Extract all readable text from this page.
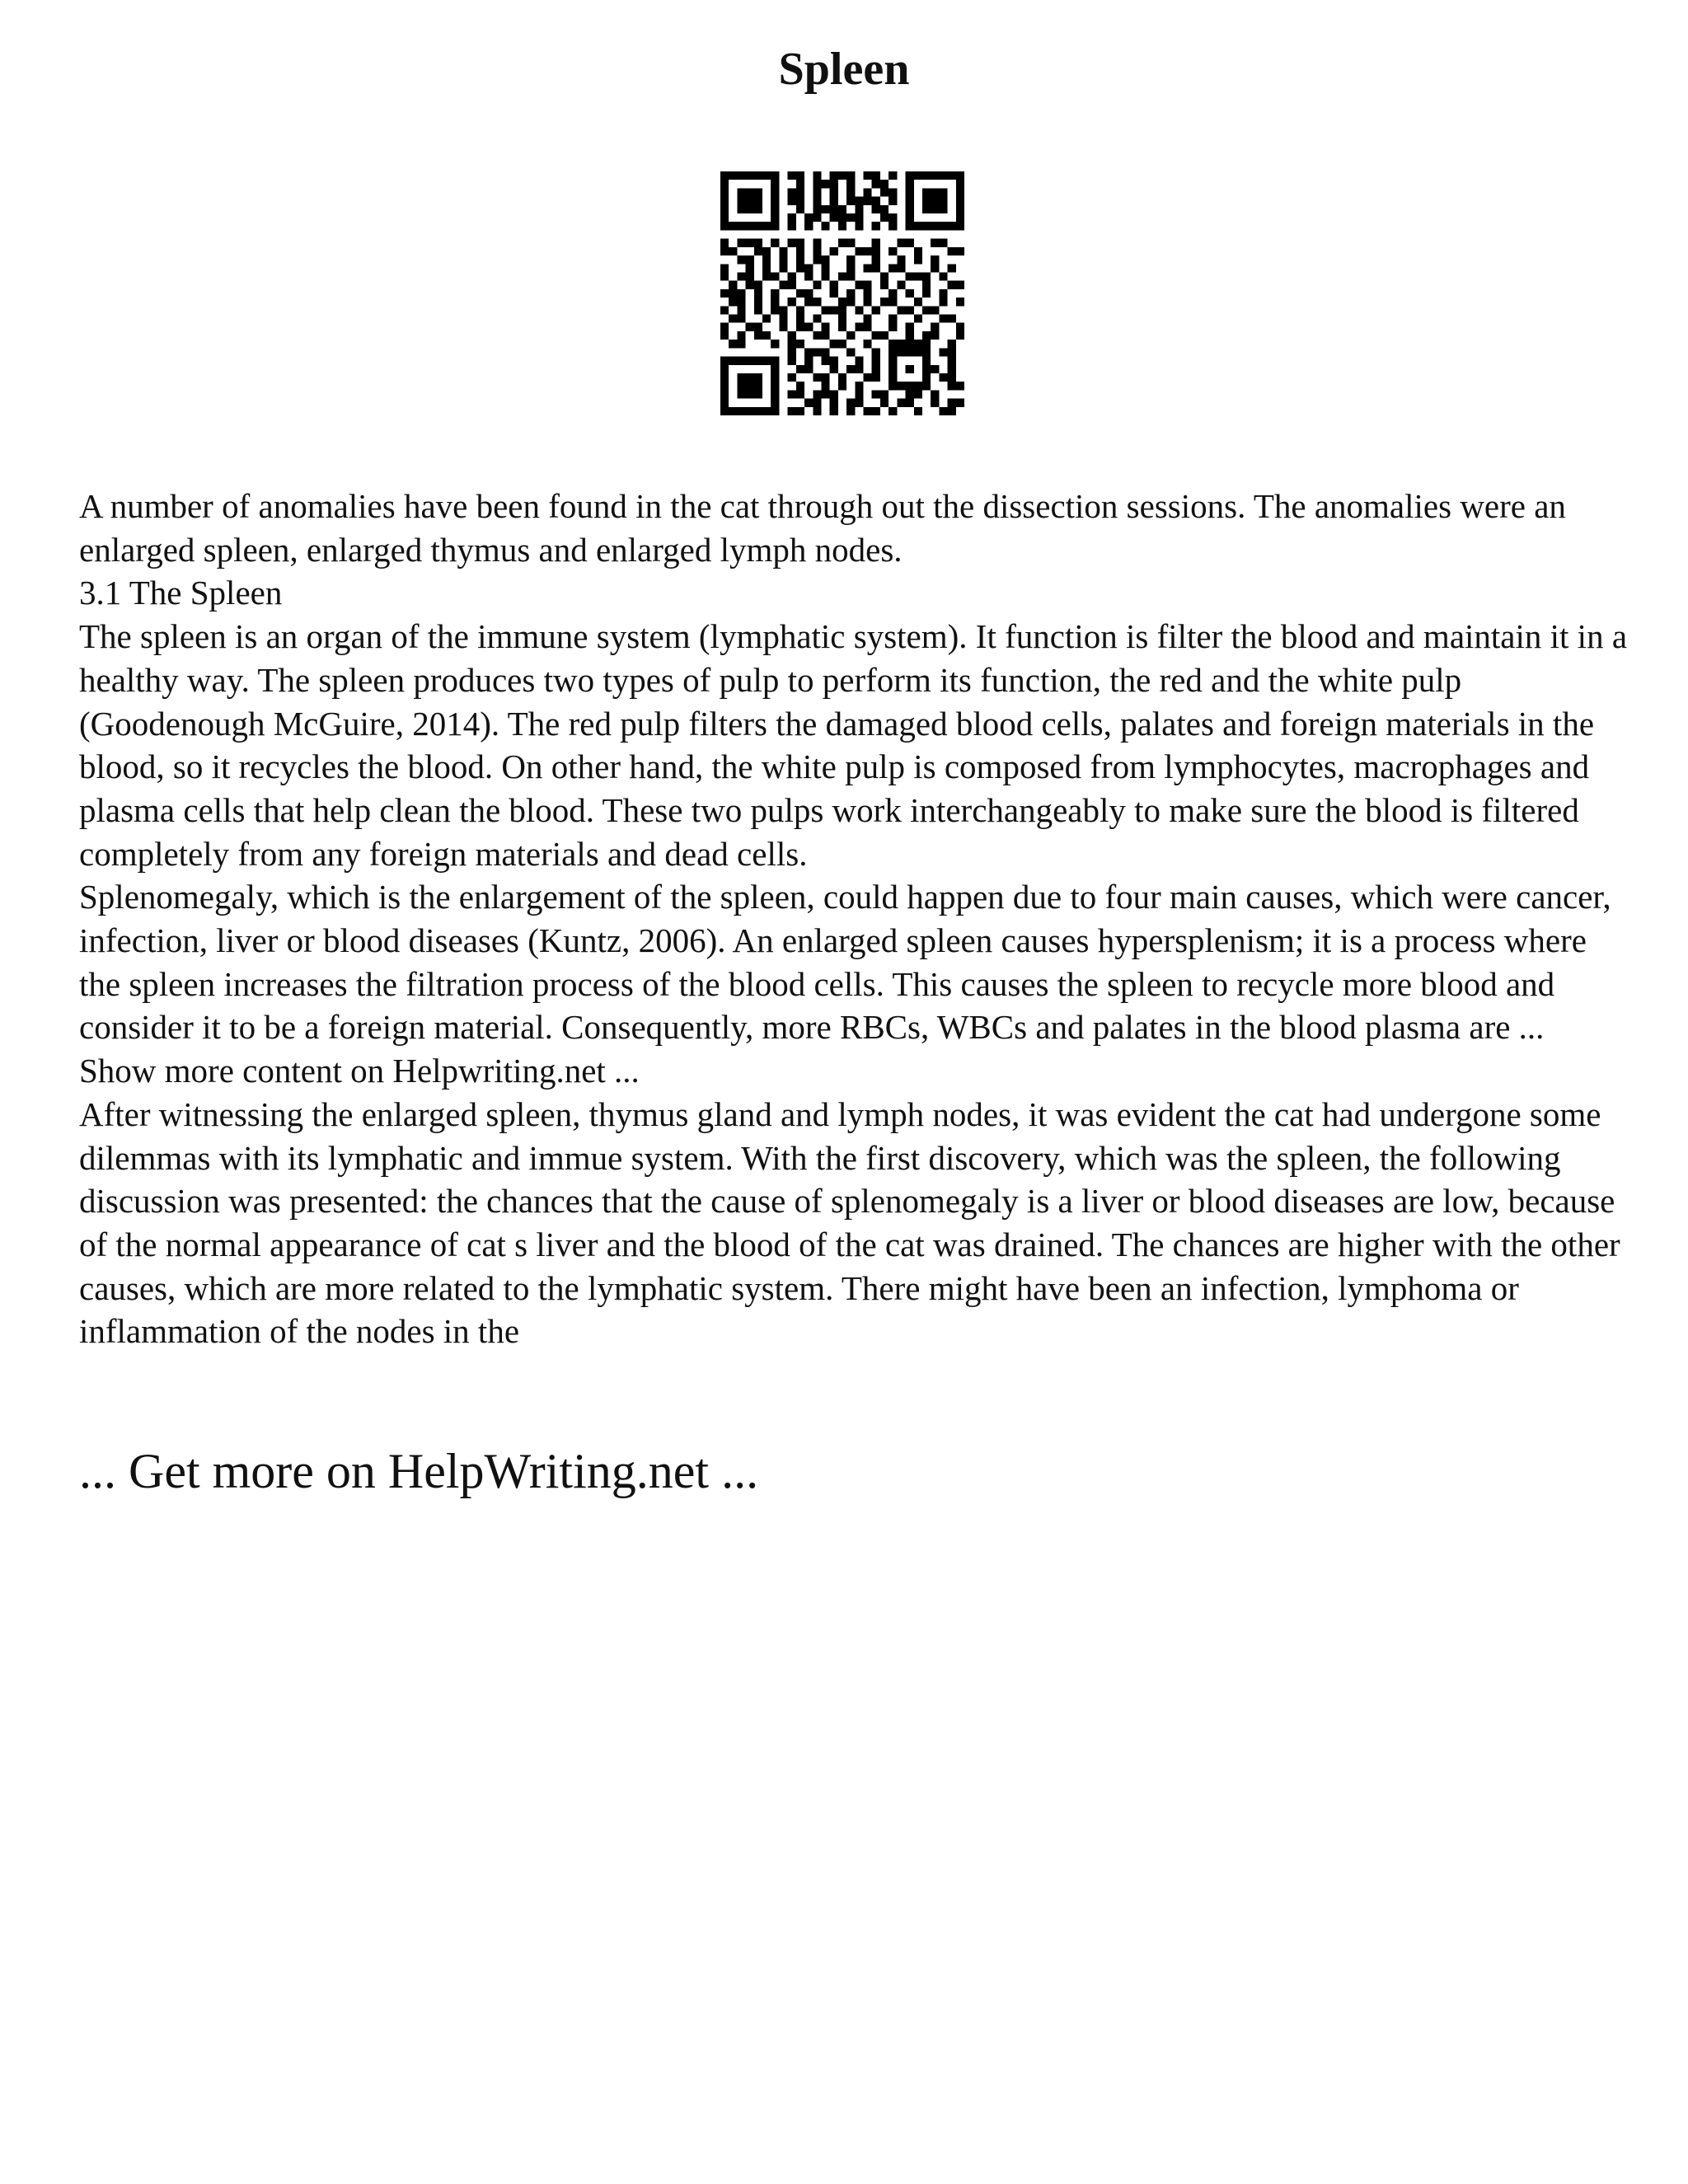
Spleen

A number of anomalies have been found in the cat through out the dissection sessions. The anomalies were an enlarged spleen, enlarged thymus and enlarged lymph nodes.

3.1 The Spleen

The spleen is an organ of the immune system (lymphatic system). It function is filter the blood and maintain it in a healthy way. The spleen produces two types of pulp to perform its function, the red and the white pulp (Goodenough McGuire, 2014). The red pulp filters the damaged blood cells, palates and foreign materials in the blood, so it recycles the blood. On other hand, the white pulp is composed from lymphocytes, macrophages and plasma cells that help clean the blood. These two pulps work interchangeably to make sure the blood is filtered completely from any foreign materials and dead cells.

Splenomegaly, which is the enlargement of the spleen, could happen due to four main causes, which were cancer, infection, liver or blood diseases (Kuntz, 2006). An enlarged spleen causes hypersplenism; it is a process where the spleen increases the filtration process of the blood cells. This causes the spleen to recycle more blood and consider it to be a foreign material. Consequently, more RBCs, WBCs and palates in the blood plasma are ... Show more content on Helpwriting.net ...

After witnessing the enlarged spleen, thymus gland and lymph nodes, it was evident the cat had undergone some dilemmas with its lymphatic and immue system. With the first discovery, which was the spleen, the following discussion was presented: the chances that the cause of splenomegaly is a liver or blood diseases are low, because of the normal appearance of cat s liver and the blood of the cat was drained. The chances are higher with the other causes, which are more related to the lymphatic system. There might have been an infection, lymphoma or inflammation of the nodes in the

... Get more on HelpWriting.net ...
